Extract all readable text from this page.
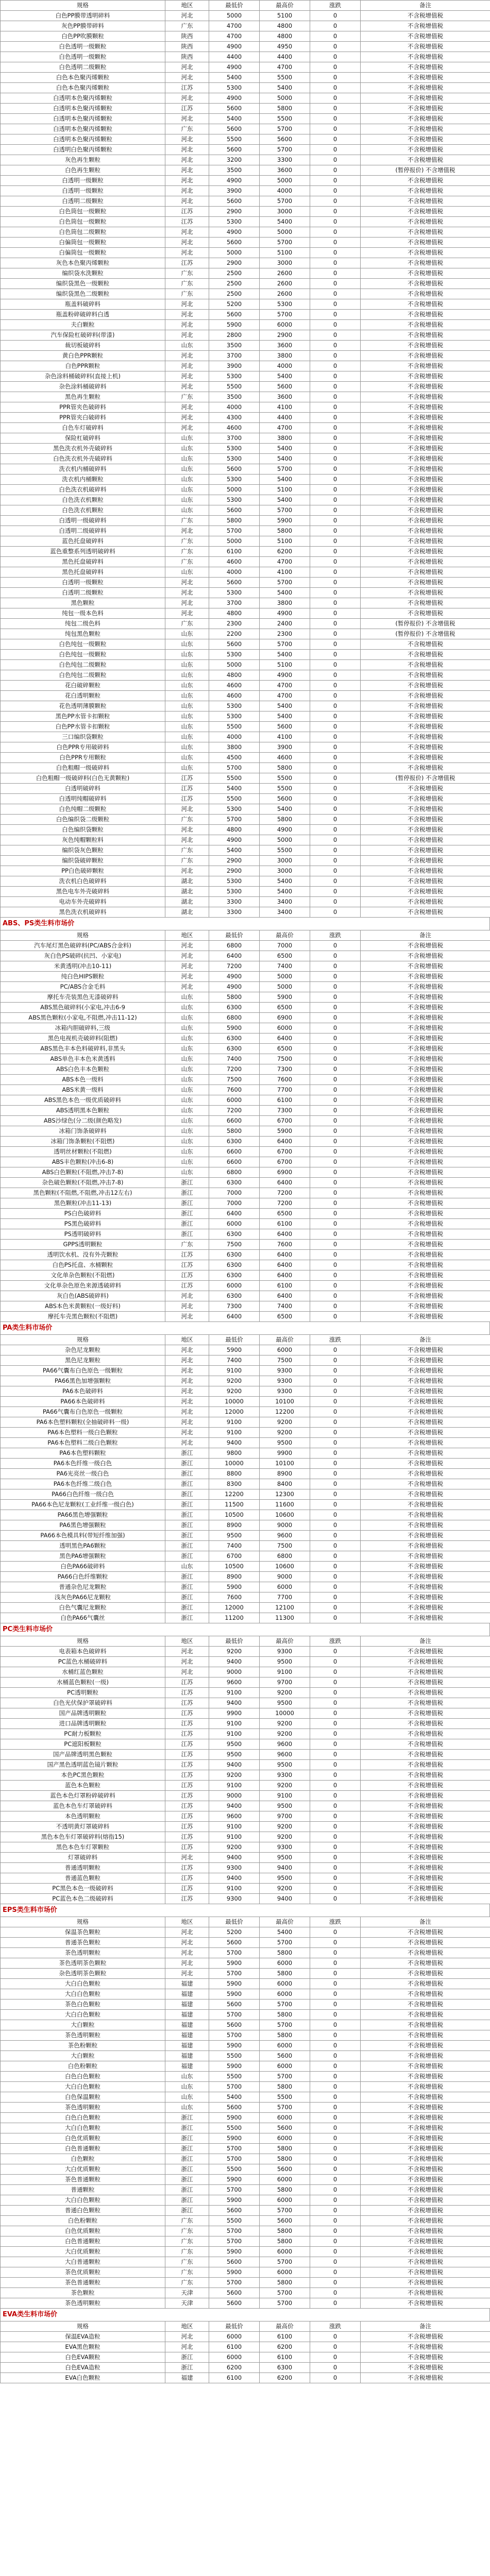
规格	地区	最低价	最高价	涨跌	备注
白色PP膜带透明碎料	河北	5000	5100	0	不含税增值税
灰色PP膜带碎料	广东	4700	4800	0	不含税增值税
白色PP吹膜颗粒	陕西	4700	4800	0	不含税增值税
白色透明一级颗粒	陕西	4900	4950	0	不含税增值税
白色透明一级颗粒	陕西	4400	4400	0	不含税增值税
白色透明二级颗粒	河北	4900	4700	0	不含税增值税
白色本色聚丙烯颗粒	河北	5400	5500	0	不含税增值税
白色本色聚丙烯颗粒	江苏	5300	5400	0	不含税增值税
白透明本色聚丙烯颗粒	河北	4900	5000	0	不含税增值税
白透明本色聚丙烯颗粒	江苏	5600	5800	0	不含税增值税
白透明本色聚丙烯颗粒	河北	5400	5500	0	不含税增值税
白透明本色聚丙烯颗粒	广东	5600	5700	0	不含税增值税
白透明本色聚丙烯颗粒	河北	5500	5600	0	不含税增值税
白透明白色聚丙烯颗粒	河北	5600	5700	0	不含税增值税
灰色再生颗粒	河北	3200	3300	0	不含税增值税
白色再生颗粒	河北	3500	3600	0	(暂停报价) 不含增值税
白透明一级颗粒	河北	4900	5000	0	不含税增值税
白透明一级颗粒	河北	3900	4000	0	不含税增值税
白透明二级颗粒	河北	5600	5700	0	不含税增值税
白色筒包一级颗粒	江苏	2900	3000	0	不含税增值税
白色筒包一级颗粒	江苏	5300	5400	0	不含税增值税
白色筒包二级颗粒	河北	4900	5000	0	不含税增值税
白偏筒包一级颗粒	河北	5600	5700	0	不含税增值税
白偏筒包一级颗粒	河北	5000	5100	0	不含税增值税
灰色本色聚丙烯颗粒	江苏	2900	3000	0	不含税增值税
编织袋水洗颗粒	广东	2500	2600	0	不含税增值税
编织袋黑色一级颗粒	广东	2500	2600	0	不含税增值税
编织袋黑色二级颗粒	广东	2500	2600	0	不含税增值税
瓶盖料破碎料	河北	5200	5300	0	不含税增值税
瓶盖粉碎破碎料白透	河北	5600	5700	0	不含税增值税
夫白颗粒	河北	5900	6000	0	不含税增值税
汽车保险杠破碎料(带漆)	河北	2800	2900	0	不含税增值税
裁切板破碎料	山东	3500	3600	0	不含税增值税
黄白色PPR颗粒	河北	3700	3800	0	不含税增值税
白色PPR颗粒	河北	3900	4000	0	不含税增值税
杂色涂料桶破碎料(直接上机)	河北	5300	5400	0	不含税增值税
杂色涂料桶破碎料	河北	5500	5600	0	不含税增值税
黑色再生颗粒	广东	3500	3600	0	不含税增值税
PPR管夹色破碎料	河北	4000	4100	0	不含税增值税
PPR管夹白破碎料	河北	4300	4400	0	不含税增值税
白色车灯破碎料	河北	4600	4700	0	不含税增值税
保险杠破碎料	山东	3700	3800	0	不含税增值税
黑色洗衣机外壳破碎料	山东	5300	5400	0	不含税增值税
白色洗衣机外壳破碎料	山东	5300	5400	0	不含税增值税
洗衣机内桶破碎料	山东	5600	5700	0	不含税增值税
洗衣机内桶颗粒	山东	5300	5400	0	不含税增值税
白色洗衣机破碎料	山东	5000	5100	0	不含税增值税
白色洗衣机颗粒	山东	5300	5400	0	不含税增值税
白色洗衣机颗粒	山东	5600	5700	0	不含税增值税
白透明一级破碎料	广东	5800	5900	0	不含税增值税
白透明二级破碎料	河北	5700	5800	0	不含税增值税
蓝色托盘破碎料	广东	5000	5100	0	不含税增值税
蓝色重整系列透明破碎料	广东	6100	6200	0	不含税增值税
黑色托盘破碎料	广东	4600	4700	0	不含税增值税
黑色托盘破碎料	山东	4000	4100	0	不含税增值税
白透明一级颗粒	河北	5600	5700	0	不含税增值税
白透明二级颗粒	河北	5300	5400	0	不含税增值税
黑色颗粒	河北	3700	3800	0	不含税增值税
纯包一级本色料	河北	4800	4900	0	不含税增值税
纯包二级色料	广东	2300	2400	0	(暂停报价) 不含增值税
纯包黑色颗粒	山东	2200	2300	0	(暂停报价) 不含增值税
白色纯包一级颗粒	山东	5600	5700	0	不含税增值税
白色纯包一级颗粒	山东	5300	5400	0	不含税增值税
白色纯包二级颗粒	山东	5000	5100	0	不含税增值税
白色纯包二级颗粒	山东	4800	4900	0	不含税增值税
花白破碎颗粒	山东	4600	4700	0	不含税增值税
花白透明颗粒	山东	4600	4700	0	不含税增值税
花色透明薄膜颗粒	山东	5300	5400	0	不含税增值税
黑色PP水管卡扣颗粒	山东	5300	5400	0	不含税增值税
白色PP水管卡扣颗粒	山东	5500	5600	0	不含税增值税
三口编织袋颗粒	山东	4000	4100	0	不含税增值税
白色PPR专用破碎料	山东	3800	3900	0	不含税增值税
白色PPR专用颗粒	山东	4500	4600	0	不含税增值税
白色粗帽一级破碎料	山东	5700	5800	0	不含税增值税
白色粗帽一级破碎料(白色无黄颗粒)	江苏	5500	5500	0	(暂停报价) 不含增值税
白透明破碎料	江苏	5400	5500	0	不含税增值税
白透明纯帽破碎料	江苏	5500	5600	0	不含税增值税
白色纯帽二级颗粒	河北	5300	5400	0	不含税增值税
白色编织袋二级颗粒	广东	5700	5800	0	不含税增值税
白色编织袋颗粒	河北	4800	4900	0	不含税增值税
灰色纯帽颗粒料	河北	4900	5000	0	不含税增值税
编织袋灰色颗粒	广东	5400	5500	0	不含税增值税
编织袋破碎颗粒	广东	2900	3000	0	不含税增值税
PP白色破碎颗粒	河北	2900	3000	0	不含税增值税
洗衣机白色破碎料	湖北	5300	5400	0	不含税增值税
黑色电车外壳破碎料	湖北	5300	5400	0	不含税增值税
电动车外壳破碎料	湖北	3300	3400	0	不含税增值税
黑色洗衣机破碎料	湖北	3300	3400	0	不含税增值税
ABS、PS类生料市场价
规格	地区	最低价	最高价	涨跌	备注
汽车尾灯黑色破碎料(PC/ABS合金料)	河北	6800	7000	0	不含税增值税
灰白色PS破碎(抗凹、小家电)	河北	6400	6500	0	不含税增值税
米黄透明(冲击10-11)	河北	7200	7400	0	不含税增值税
纯白色HIPS颗粒	河北	4900	5000	0	不含税增值税
PC/ABS合金毛料	河北	4900	5000	0	不含税增值税
摩托车壳装黑色无漆破碎料	山东	5800	5900	0	不含税增值税
ABS黑色破碎料(小家电,冲击6-9	山东	6300	6500	0	不含税增值税
ABS黑色颗粒(小家电,不阻燃,冲击11-12)	山东	6800	6900	0	不含税增值税
冰箱内胆破碎料,三级	山东	5900	6000	0	不含税增值税
黑色电视机壳破碎料(阻燃)	山东	6300	6400	0	不含税增值税
ABS黑色丰本色料破碎料,非黑头	山东	6300	6500	0	不含税增值税
ABS单色丰本色米黄透料	山东	7400	7500	0	不含税增值税
ABS白色丰本色颗粒	山东	7200	7300	0	不含税增值税
ABS本色一级料	山东	7500	7600	0	不含税增值税
ABS米黄一级料	山东	7600	7700	0	不含税增值税
ABS黑色本色一级优质破碎料	山东	6000	6100	0	不含税增值税
ABS透明黑本色颗粒	山东	7200	7300	0	不含税增值税
ABS沙绿色(分二级(颜色略发)	山东	6600	6700	0	不含税增值税
冰箱门饰条破碎料	山东	5800	5900	0	不含税增值税
冰箱门饰条颗粒(不阻燃)	山东	6300	6400	0	不含税增值税
透明丝材颗粒(不阻燃)	山东	6600	6700	0	不含税增值税
ABS丰色颗粒(冲击6-8)	山东	6600	6700	0	不含税增值税
ABS白色颗粒(不阻燃,冲击7-8)	山东	6800	6900	0	不含税增值税
杂色破色颗粒(不阻燃,冲击7-8)	浙江	6300	6400	0	不含税增值税
黑色颗粒(不阻燃,不阻燃,冲击12左右)	浙江	7000	7200	0	不含税增值税
黑色颗粒(冲击11-13)	浙江	7000	7200	0	不含税增值税
PS白色破碎料	浙江	6400	6500	0	不含税增值税
PS黑色破碎料	浙江	6000	6100	0	不含税增值税
PS透明破碎料	浙江	6300	6400	0	不含税增值税
GPPS透明颗粒	广东	7500	7600	0	不含税增值税
透明饮水机、没有外壳颗粒	江苏	6300	6400	0	不含税增值税
白色PS托盘、水桶颗粒	江苏	6300	6400	0	不含税增值税
文化单杂色颗粒(不阻燃)	江苏	6300	6400	0	不含税增值税
文化单杂色原色来源透破碎料	江苏	6000	6100	0	不含税增值税
灰白色(ABS破碎料)	河北	6300	6400	0	不含税增值税
ABS本色米黄颗粒(一级好料)	河北	7300	7400	0	不含税增值税
摩托车壳黑色颗粒(不阻燃)	河北	6400	6500	0	不含税增值税
PA类生料市场价
规格	地区	最低价	最高价	涨跌	备注
杂色尼龙颗粒	河北	5900	6000	0	不含税增值税
黑色尼龙颗粒	河北	7400	7500	0	不含税增值税
PA66气囊布白色原色一级颗粒	河北	9100	9300	0	不含税增值税
PA66黑色加增强颗粒	河北	9200	9300	0	不含税增值税
PA6本色破碎料	河北	9200	9300	0	不含税增值税
PA66本色破碎料	河北	10000	10100	0	不含税增值税
PA66气囊布白色原色一级颗粒	河北	12000	12200	0	不含税增值税
PA6本色塑料颗粒(全抽破碎料一级)	河北	9100	9200	0	不含税增值税
PA6本色塑料一级白色颗粒	河北	9100	9200	0	不含税增值税
PA6本色塑料二级白色颗粒	河北	9400	9500	0	不含税增值税
PA6本色塑料颗粒	浙江	9800	9900	0	不含税增值税
PA6本色纤维一级白色	浙江	10000	10100	0	不含税增值税
PA6光亮丝一级白色	浙江	8800	8900	0	不含税增值税
PA6本色纤维二级白色	浙江	8300	8400	0	不含税增值税
PA66白色纤维一级白色	浙江	12200	12300	0	不含税增值税
PA66本色尼龙颗粒(工业纤维一级白色)	浙江	11500	11600	0	不含税增值税
PA66黑色增强颗粒	浙江	10500	10600	0	不含税增值税
PA6黑色增强颗粒	浙江	8900	9000	0	不含税增值税
PA66本色模具料(带短纤维加强)	浙江	9500	9600	0	不含税增值税
透明黑色PA6颗粒	浙江	7400	7500	0	不含税增值税
黑色PA6增强颗粒	浙江	6700	6800	0	不含税增值税
白色PA66破碎料	山东	10500	10600	0	不含税增值税
PA66白色纤维颗粒	浙江	8900	9000	0	不含税增值税
普通杂色尼龙颗粒	浙江	5900	6000	0	不含税增值税
浅灰色PA66尼龙颗粒	浙江	7600	7700	0	不含税增值税
白色气囊尼龙颗粒	浙江	12000	12100	0	不含税增值税
白色PA66气囊丝	浙江	11200	11300	0	不含税增值税
PC类生料市场价
规格	地区	最低价	最高价	涨跌	备注
电表箱本色破碎料	河北	9200	9300	0	不含税增值税
PC蓝色水桶破碎料	河北	9400	9500	0	不含税增值税
水桶红蓝色颗粒	河北	9000	9100	0	不含税增值税
水桶蓝色颗粒(一级)	江苏	9600	9700	0	不含税增值税
PC透明颗粒	江苏	9100	9200	0	不含税增值税
白色光伏保护罩破碎料	江苏	9400	9500	0	不含税增值税
国产品牌透明颗粒	江苏	9900	10000	0	不含税增值税
进口品牌透明颗粒	江苏	9100	9200	0	不含税增值税
PC耐力板颗粒	江苏	9100	9200	0	不含税增值税
PC遮阳板颗粒	江苏	9500	9600	0	不含税增值税
国产品牌透明黑色颗粒	江苏	9500	9600	0	不含税增值税
国产黑色透明蓝色镜片颗粒	江苏	9400	9500	0	不含税增值税
本色PC黑色颗粒	江苏	9200	9300	0	不含税增值税
蓝色本色颗粒	江苏	9100	9200	0	不含税增值税
蓝色本色灯罩粉碎破碎料	江苏	9000	9100	0	不含税增值税
蓝色本色车灯罩破碎料	江苏	9400	9500	0	不含税增值税
本色透明颗粒	江苏	9600	9700	0	不含税增值税
不透明黄灯罩破碎料	江苏	9100	9200	0	不含税增值税
黑色本色车灯罩破碎料(熔指15)	江苏	9100	9200	0	不含税增值税
黑色本色车灯罩颗粒	江苏	9200	9300	0	不含税增值税
灯罩破碎料	河北	9400	9500	0	不含税增值税
普通透明颗粒	江苏	9300	9400	0	不含税增值税
普通蓝色颗粒	江苏	9400	9500	0	不含税增值税
PC黑色本色一级破碎料	江苏	9100	9200	0	不含税增值税
PC蓝色本色二级破碎料	江苏	9300	9400	0	不含税增值税
EPS类生料市场价
规格	地区	最低价	最高价	涨跌	备注
保温茶色颗粒	河北	5200	5400	0	不含税增值税
普通茶色颗粒	河北	5600	5700	0	不含税增值税
茶色透明颗粒	河北	5700	5800	0	不含税增值税
茶色透明茶色颗粒	河北	5900	6000	0	不含税增值税
杂色透明茶色颗粒	河北	5700	5800	0	不含税增值税
大白白色颗粒	福建	5900	6000	0	不含税增值税
大白白色颗粒	福建	5900	6000	0	不含税增值税
茶色白色颗粒	福建	5600	5700	0	不含税增值税
大白白色颗粒	福建	5700	5800	0	不含税增值税
大白颗粒	福建	5600	5700	0	不含税增值税
茶色透明颗粒	福建	5700	5800	0	不含税增值税
茶色粉颗粒	福建	5900	6000	0	不含税增值税
大白颗粒	福建	5500	5600	0	不含税增值税
白色粉颗粒	福建	5900	6000	0	不含税增值税
白色白色颗粒	山东	5500	5700	0	不含税增值税
大白白色颗粒	山东	5700	5800	0	不含税增值税
白色保温颗粒	山东	5400	5500	0	不含税增值税
茶色透明颗粒	山东	5600	5700	0	不含税增值税
白色白色颗粒	浙江	5900	6000	0	不含税增值税
大白白色颗粒	浙江	5500	5600	0	不含税增值税
白色优质颗粒	浙江	5900	6000	0	不含税增值税
白色普通颗粒	浙江	5700	5800	0	不含税增值税
白色颗粒	浙江	5700	5800	0	不含税增值税
大白优质颗粒	浙江	5500	5600	0	不含税增值税
茶色普通颗粒	浙江	5900	6000	0	不含税增值税
普通颗粒	浙江	5700	5800	0	不含税增值税
大白白色颗粒	浙江	5900	6000	0	不含税增值税
普通白色颗粒	浙江	5600	5700	0	不含税增值税
白色粉颗粒	广东	5500	5600	0	不含税增值税
白色优质颗粒	广东	5700	5800	0	不含税增值税
白色普通颗粒	广东	5700	5800	0	不含税增值税
大白优质颗粒	广东	5900	6000	0	不含税增值税
大白普通颗粒	广东	5600	5700	0	不含税增值税
茶色优质颗粒	广东	5900	6000	0	不含税增值税
茶色普通颗粒	广东	5700	5800	0	不含税增值税
茶色颗粒	天津	5600	5700	0	不含税增值税
茶色透明颗粒	天津	5600	5700	0	不含税增值税
EVA类生料市场价
规格	地区	最低价	最高价	涨跌	备注
保温EVA造粒	河北	6000	6100	0	不含税增值税
EVA黑色颗粒	河北	6100	6200	0	不含税增值税
白色EVA颗粒	浙江	6000	6100	0	不含税增值税
白色EVA造粒	浙江	6200	6300	0	不含税增值税
EVA白色颗粒	福建	6100	6200	0	不含税增值税
